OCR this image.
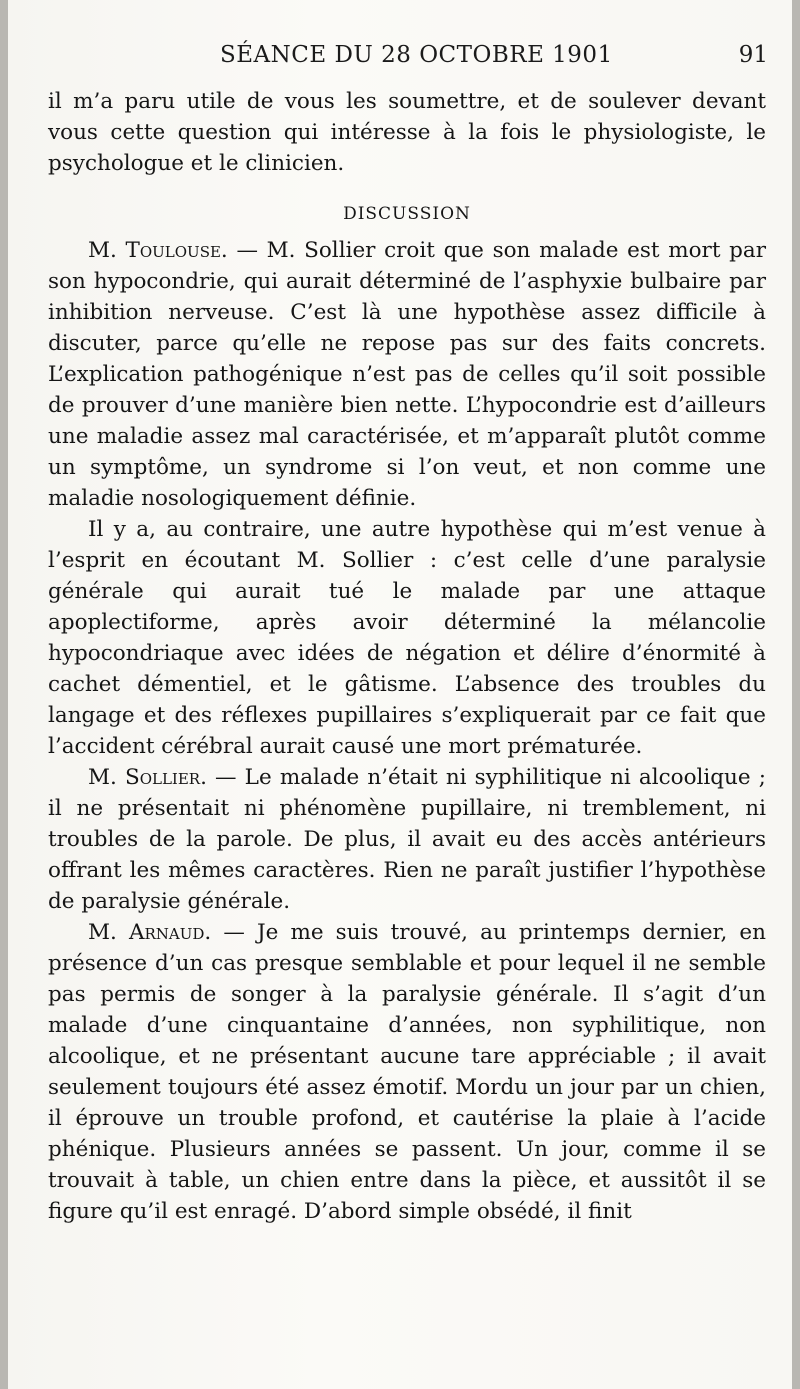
SÉANCE DU 28 OCTOBRE 1901	91

il m’a paru utile de vous les soumettre, et de soulever devant vous cette question qui intéresse à la fois le physiologiste, le psychologue et le clinicien.

DISCUSSION

M. Toulouse. — M. Sollier croit que son malade est mort par son hypocondrie, qui aurait déterminé de l’asphyxie bulbaire par inhibition nerveuse. C’est là une hypothèse assez difficile à discuter, parce qu’elle ne repose pas sur des faits concrets. L’explication pathogénique n’est pas de celles qu’il soit possible de prouver d’une manière bien nette. L’hypocondrie est d’ailleurs une maladie assez mal caractérisée, et m’apparaît plutôt comme un symptôme, un syndrome si l’on veut, et non comme une maladie nosologiquement définie.

Il y a, au contraire, une autre hypothèse qui m’est venue à l’esprit en écoutant M. Sollier : c’est celle d’une paralysie générale qui aurait tué le malade par une attaque apoplectiforme, après avoir déterminé la mélancolie hypocondriaque avec idées de négation et délire d’énormité à cachet démentiel, et le gâtisme. L’absence des troubles du langage et des réflexes pupillaires s’expliquerait par ce fait que l’accident cérébral aurait causé une mort prématurée.

M. Sollier. — Le malade n’était ni syphilitique ni alcoolique ; il ne présentait ni phénomène pupillaire, ni tremblement, ni troubles de la parole. De plus, il avait eu des accès antérieurs offrant les mêmes caractères. Rien ne paraît justifier l’hypothèse de paralysie générale.

M. Arnaud. — Je me suis trouvé, au printemps dernier, en présence d’un cas presque semblable et pour lequel il ne semble pas permis de songer à la paralysie générale. Il s’agit d’un malade d’une cinquantaine d’années, non syphilitique, non alcoolique, et ne présentant aucune tare appréciable ; il avait seulement toujours été assez émotif. Mordu un jour par un chien, il éprouve un trouble profond, et cautérise la plaie à l’acide phénique. Plusieurs années se passent. Un jour, comme il se trouvait à table, un chien entre dans la pièce, et aussitôt il se figure qu’il est enragé. D’abord simple obsédé, il finit
